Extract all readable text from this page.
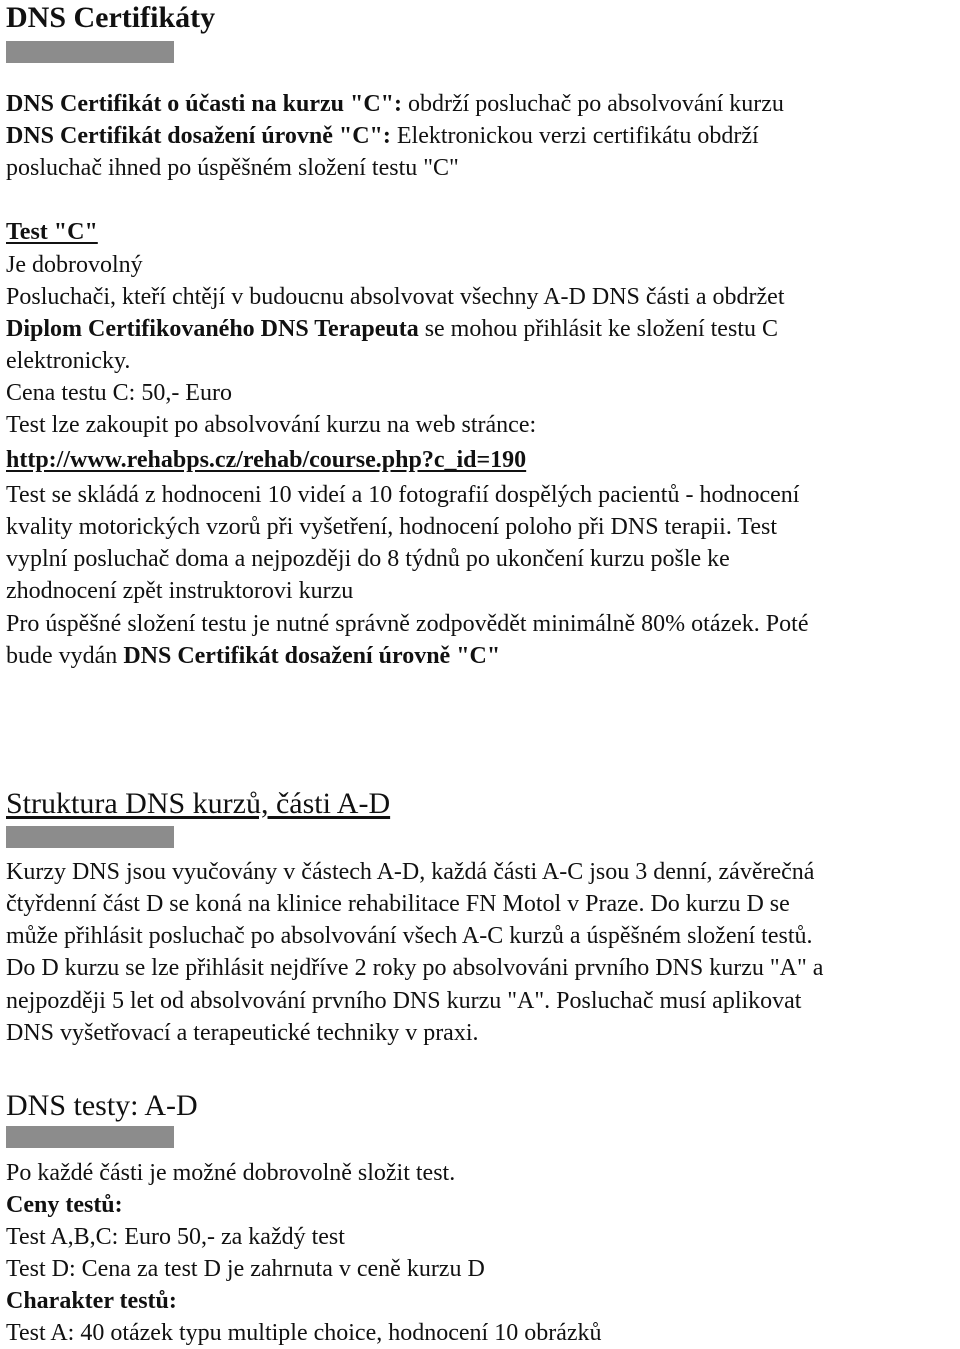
DNS Certifikáty
DNS Certifikát o účasti na kurzu "C": obdrží posluchač po absolvování kurzu
DNS Certifikát dosažení úrovně "C": Elektronickou verzi certifikátu obdrží
posluchač ihned po úspěšném složení testu "C"
Test "C"
Je dobrovolný
Posluchači, kteří chtějí v budoucnu absolvovat všechny A-D DNS části a obdržet
Diplom Certifikovaného DNS Terapeuta se mohou přihlásit ke složení testu C
elektronicky.
Cena testu C: 50,- Euro
Test lze zakoupit po absolvování kurzu na web stránce:
http://www.rehabps.cz/rehab/course.php?c_id=190
Test se skládá z hodnoceni 10 videí a 10 fotografií dospělých pacientů - hodnocení
kvality motorických vzorů při vyšetření, hodnocení poloho při DNS terapii. Test
vyplní posluchač doma a nejpozději do 8 týdnů po ukončení kurzu pošle ke
zhodnocení zpět instruktorovi kurzu
Pro úspěšné složení testu je nutné správně zodpovědět minimálně 80% otázek. Poté
bude vydán DNS Certifikát dosažení úrovně "C"
Struktura DNS kurzů, části A-D
Kurzy DNS jsou vyučovány v částech A-D, každá části A-C jsou 3 denní, závěrečná
čtyřdenní část D se koná na klinice rehabilitace FN Motol v Praze. Do kurzu D se
může přihlásit posluchač po absolvování všech A-C kurzů a úspěšném složení testů.
Do D kurzu se lze přihlásit nejdříve 2 roky po absolvováni prvního DNS kurzu "A" a
nejpozději 5 let od absolvování prvního DNS kurzu "A". Posluchač musí aplikovat
DNS vyšetřovací a terapeutické techniky v praxi.
DNS testy: A-D
Po každé části je možné dobrovolně složit test.
Ceny testů:
Test A,B,C: Euro 50,- za každý test
Test D: Cena za test D je zahrnuta v ceně kurzu D
Charakter testů:
Test A: 40 otázek typu multiple choice, hodnocení 10 obrázků
